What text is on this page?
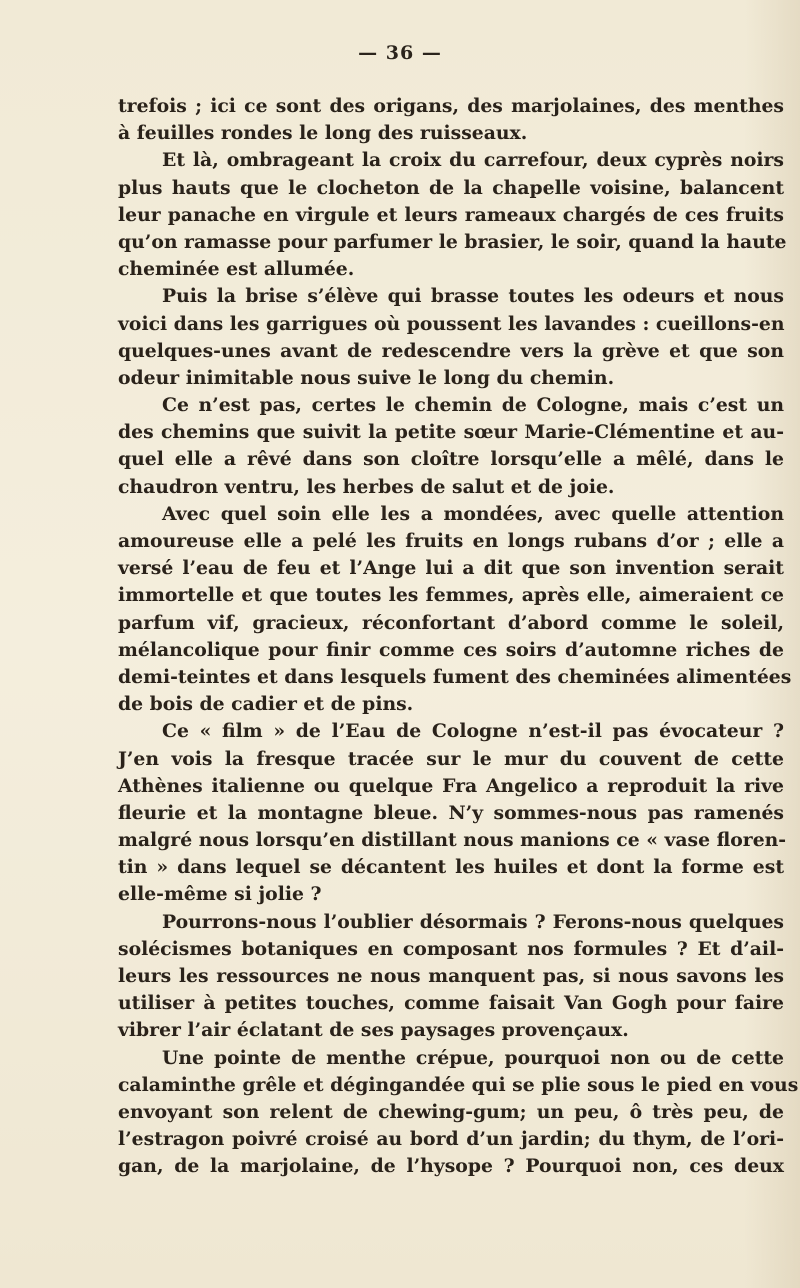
— 36 —
trefois ; ici ce sont des origans, des marjolaines, des menthes
à feuilles rondes le long des ruisseaux.
Et là, ombrageant la croix du carrefour, deux cyprès noirs
plus hauts que le clocheton de la chapelle voisine, balancent
leur panache en virgule et leurs rameaux chargés de ces fruits
qu’on ramasse pour parfumer le brasier, le soir, quand la haute
cheminée est allumée.
Puis la brise s’élève qui brasse toutes les odeurs et nous
voici dans les garrigues où poussent les lavandes : cueillons-en
quelques-unes avant de redescendre vers la grève et que son
odeur inimitable nous suive le long du chemin.
Ce n’est pas, certes le chemin de Cologne, mais c’est un
des chemins que suivit la petite sœur Marie-Clémentine et au-
quel elle a rêvé dans son cloître lorsqu’elle a mêlé, dans le
chaudron ventru, les herbes de salut et de joie.
Avec quel soin elle les a mondées, avec quelle attention
amoureuse elle a pelé les fruits en longs rubans d’or ; elle a
versé l’eau de feu et l’Ange lui a dit que son invention serait
immortelle et que toutes les femmes, après elle, aimeraient ce
parfum vif, gracieux, réconfortant d’abord comme le soleil,
mélancolique pour finir comme ces soirs d’automne riches de
demi-teintes et dans lesquels fument des cheminées alimentées
de bois de cadier et de pins.
Ce « film » de l’Eau de Cologne n’est-il pas évocateur ?
J’en vois la fresque tracée sur le mur du couvent de cette
Athènes italienne ou quelque Fra Angelico a reproduit la rive
fleurie et la montagne bleue. N’y sommes-nous pas ramenés
malgré nous lorsqu’en distillant nous manions ce « vase floren-
tin » dans lequel se décantent les huiles et dont la forme est
elle-même si jolie ?
Pourrons-nous l’oublier désormais ? Ferons-nous quelques
solécismes botaniques en composant nos formules ? Et d’ail-
leurs les ressources ne nous manquent pas, si nous savons les
utiliser à petites touches, comme faisait Van Gogh pour faire
vibrer l’air éclatant de ses paysages provençaux.
Une pointe de menthe crépue, pourquoi non ou de cette
calaminthe grêle et dégingandée qui se plie sous le pied en vous
envoyant son relent de chewing-gum; un peu, ô très peu, de
l’estragon poivré croisé au bord d’un jardin; du thym, de l’ori-
gan, de la marjolaine, de l’hysope ? Pourquoi non, ces deux
